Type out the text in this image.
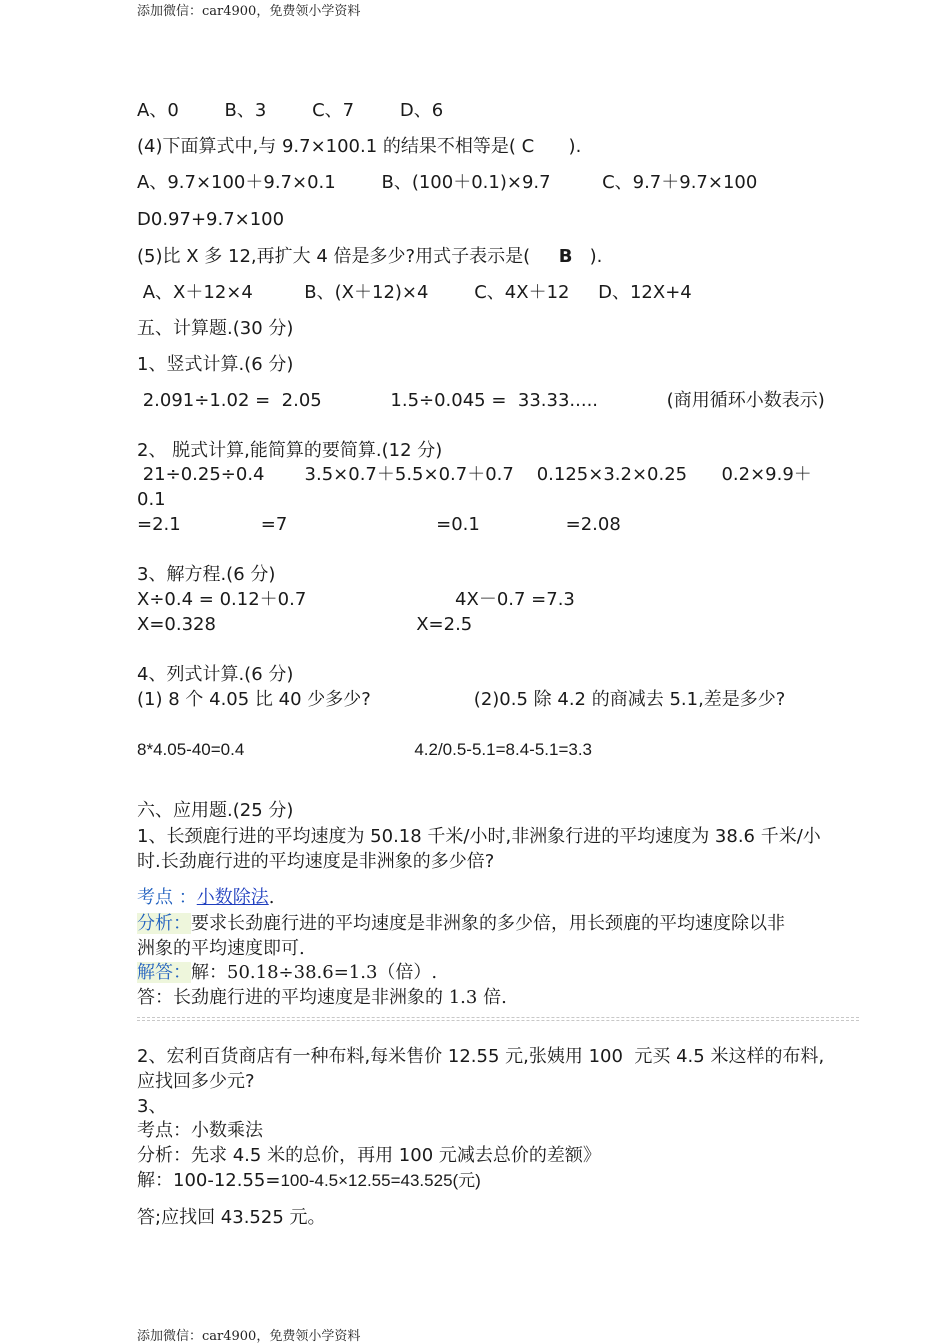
添加微信：car4900，免费领小学资料
A、0        B、3        C、7        D、6
(4)下面算式中,与 9.7×100.1 的结果不相等是( C      ).
A、9.7×100＋9.7×0.1        B、(100＋0.1)×9.7         C、9.7＋9.7×100
D0.97+9.7×100
(5)比 X 多 12,再扩大 4 倍是多少?用式子表示是(     B   ).
A、X＋12×4         B、(X＋12)×4        C、4X＋12     D、12X+4
五、计算题.(30 分)
1、竖式计算.(6 分)
2.091÷1.02 =  2.05            1.5÷0.045 =  33.33.....            (商用循环小数表示)
2、 脱式计算,能简算的要简算.(12 分)
21÷0.25÷0.4       3.5×0.7＋5.5×0.7＋0.7    0.125×3.2×0.25      0.2×9.9＋
0.1
=2.1              =7                          =0.1               =2.08
3、解方程.(6 分)
X÷0.4 = 0.12＋0.7                          4X－0.7 =7.3
X=0.328                                   X=2.5
4、列式计算.(6 分)
(1) 8 个 4.05 比 40 少多少?                  (2)0.5 除 4.2 的商减去 5.1,差是多少?
8*4.05-40=0.4                                    4.2/0.5-5.1=8.4-5.1=3.3
六、应用题.(25 分)
1、长颈鹿行进的平均速度为 50.18 千米/小时,非洲象行进的平均速度为 38.6 千米/小
时.长劲鹿行进的平均速度是非洲象的多少倍?
考点 ：小数除法.
分析：要求长劲鹿行进的平均速度是非洲象的多少倍，用长颈鹿的平均速度除以非
洲象的平均速度即可.
解答：解：50.18÷38.6=1.3（倍）.
答：长劲鹿行进的平均速度是非洲象的 1.3 倍.
2、宏利百货商店有一种布料,每米售价 12.55 元,张姨用 100  元买 4.5 米这样的布料,
应找回多少元?
3、
考点：小数乘法
分析：先求 4.5 米的总价，再用 100 元减去总价的差额》
解：100-12.55=100-4.5×12.55=43.525(元)
答;应找回 43.525 元。
添加微信：car4900，免费领小学资料
